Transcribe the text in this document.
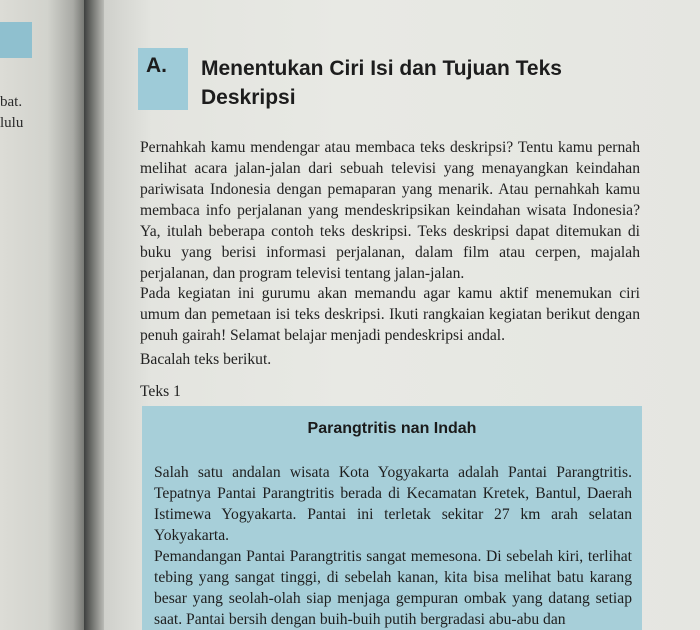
bat.
lulu
A. Menentukan Ciri Isi dan Tujuan Teks Deskripsi

Pernahkah kamu mendengar atau membaca teks deskripsi? Tentu kamu pernah melihat acara jalan-jalan dari sebuah televisi yang menayangkan keindahan pariwisata Indonesia dengan pemaparan yang menarik. Atau pernahkah kamu membaca info perjalanan yang mendeskripsikan keindahan wisata Indonesia? Ya, itulah beberapa contoh teks deskripsi. Teks deskripsi dapat ditemukan di buku yang berisi informasi perjalanan, dalam film atau cerpen, majalah perjalanan, dan program televisi tentang jalan-jalan.

Pada kegiatan ini gurumu akan memandu agar kamu aktif menemukan ciri umum dan pemetaan isi teks deskripsi. Ikuti rangkaian kegiatan berikut dengan penuh gairah! Selamat belajar menjadi pendeskripsi andal.

Bacalah teks berikut.

Teks 1

Parangtritis nan Indah

Salah satu andalan wisata Kota Yogyakarta adalah Pantai Parangtritis. Tepatnya Pantai Parangtritis berada di Kecamatan Kretek, Bantul, Daerah Istimewa Yogyakarta. Pantai ini terletak sekitar 27 km arah selatan Yokyakarta.

Pemandangan Pantai Parangtritis sangat memesona. Di sebelah kiri, terlihat tebing yang sangat tinggi, di sebelah kanan, kita bisa melihat batu karang besar yang seolah-olah siap menjaga gempuran ombak yang datang setiap saat. Pantai bersih dengan buih-buih putih bergradasi abu-abu dan
